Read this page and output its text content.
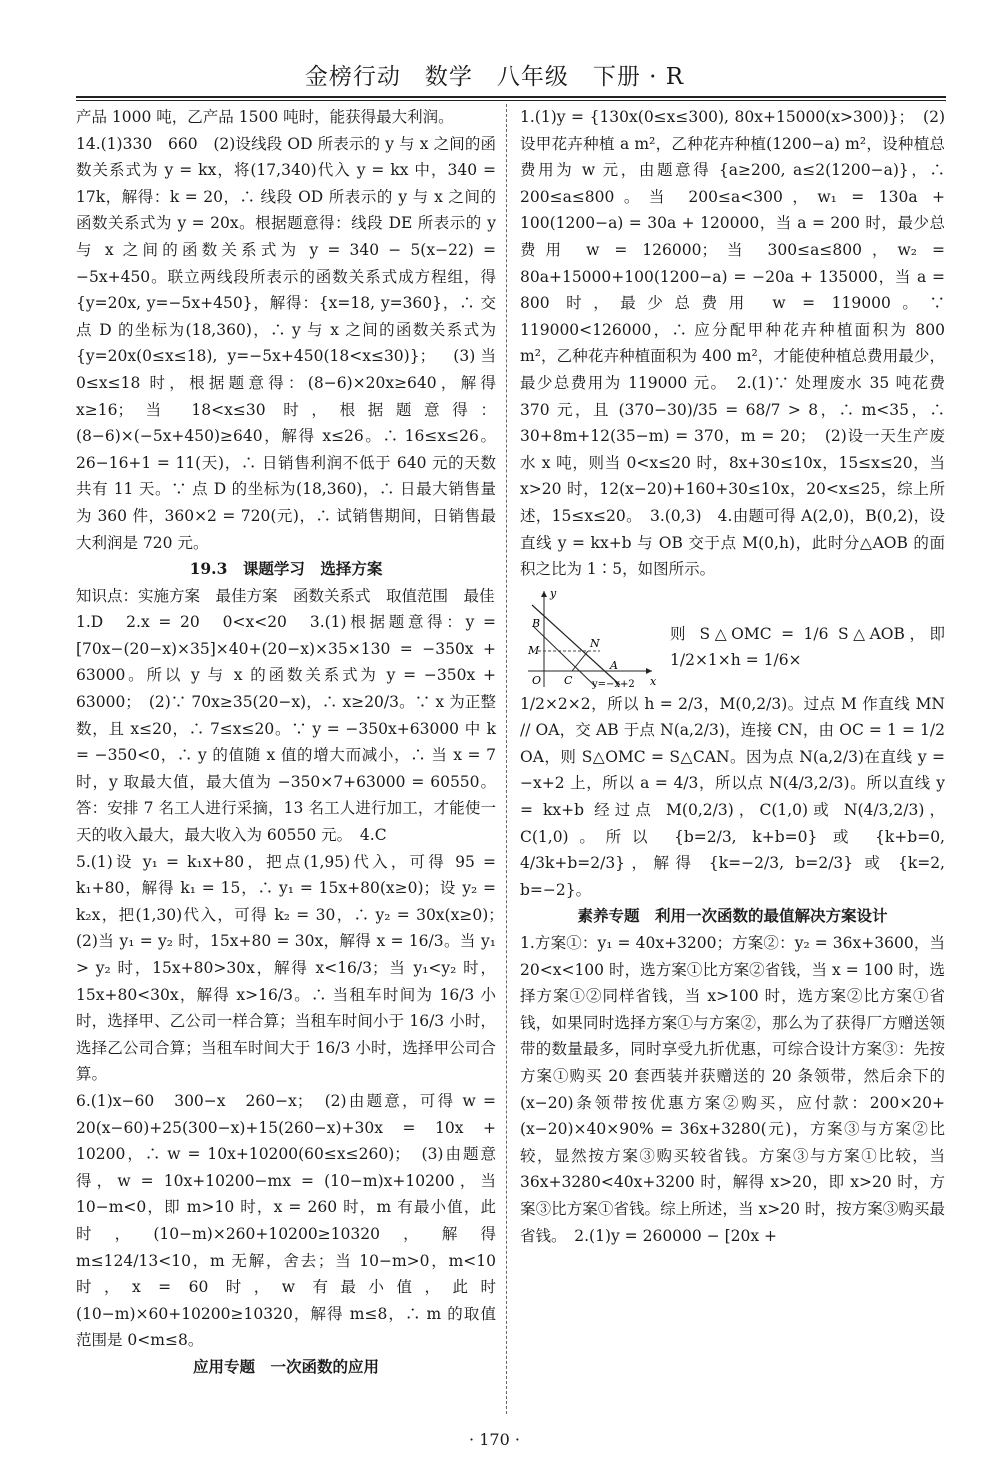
金榜行动　数学　八年级　下册 · R

产品 1000 吨，乙产品 1500 吨时，能获得最大利润。

14.(1)330　660　(2)设线段 OD 所表示的 y 与 x 之间的函数关系式为 y = kx，将(17,340)代入 y = kx 中，340 = 17k，解得：k = 20，∴ 线段 OD 所表示的 y 与 x 之间的函数关系式为 y = 20x。根据题意得：线段 DE 所表示的 y 与 x 之间的函数关系式为 y = 340 − 5(x−22) = −5x+450。联立两线段所表示的函数关系式成方程组，得 {y=20x, y=−5x+450}，解得：{x=18, y=360}，∴ 交点 D 的坐标为(18,360)，∴ y 与 x 之间的函数关系式为 {y=20x(0≤x≤18), y=−5x+450(18<x≤30)}；　(3)当 0≤x≤18 时，根据题意得：(8−6)×20x≥640，解得 x≥16；当 18<x≤30 时，根据题意得：(8−6)×(−5x+450)≥640，解得 x≤26。∴ 16≤x≤26。26−16+1 = 11(天)，∴ 日销售利润不低于 640 元的天数共有 11 天。∵ 点 D 的坐标为(18,360)，∴ 日最大销售量为 360 件，360×2 = 720(元)，∴ 试销售期间，日销售最大利润是 720 元。

19.3　课题学习　选择方案

知识点：实施方案　最佳方案　函数关系式　取值范围　最佳

1.D　2.x = 20　0<x<20　3.(1)根据题意得：y = [70x−(20−x)×35]×40+(20−x)×35×130 = −350x + 63000。所以 y 与 x 的函数关系式为 y = −350x + 63000；　(2)∵ 70x≥35(20−x)，∴ x≥20/3。∵ x 为正整数，且 x≤20，∴ 7≤x≤20。∵ y = −350x+63000 中 k = −350<0，∴ y 的值随 x 值的增大而减小，∴ 当 x = 7 时，y 取最大值，最大值为 −350×7+63000 = 60550。答：安排 7 名工人进行采摘，13 名工人进行加工，才能使一天的收入最大，最大收入为 60550 元。　4.C

5.(1)设 y₁ = k₁x+80，把点(1,95)代入，可得 95 = k₁+80，解得 k₁ = 15，∴ y₁ = 15x+80(x≥0)；设 y₂ = k₂x，把(1,30)代入，可得 k₂ = 30，∴ y₂ = 30x(x≥0)；　(2)当 y₁ = y₂ 时，15x+80 = 30x，解得 x = 16/3。当 y₁ > y₂ 时，15x+80>30x，解得 x<16/3；当 y₁<y₂ 时，15x+80<30x，解得 x>16/3。∴ 当租车时间为 16/3 小时，选择甲、乙公司一样合算；当租车时间小于 16/3 小时，选择乙公司合算；当租车时间大于 16/3 小时，选择甲公司合算。

6.(1)x−60　300−x　260−x；　(2)由题意，可得 w = 20(x−60)+25(300−x)+15(260−x)+30x = 10x + 10200，∴ w = 10x+10200(60≤x≤260)；　(3)由题意得，w = 10x+10200−mx = (10−m)x+10200，当 10−m<0，即 m>10 时，x = 260 时，m 有最小值，此时，(10−m)×260+10200≥10320，解得 m≤124/13<10，m 无解，舍去；当 10−m>0，m<10 时，x = 60 时，w 有最小值，此时(10−m)×60+10200≥10320，解得 m≤8，∴ m 的取值范围是 0<m≤8。

应用专题　一次函数的应用

1.(1)y = {130x(0≤x≤300), 80x+15000(x>300)}；　(2)设甲花卉种植 a m²，乙种花卉种植(1200−a) m²，设种植总费用为 w 元，由题意得 {a≥200, a≤2(1200−a)}，∴ 200≤a≤800。当 200≤a<300，w₁ = 130a + 100(1200−a) = 30a + 120000，当 a = 200 时，最少总费用 w = 126000；当 300≤a≤800，w₂ = 80a+15000+100(1200−a) = −20a + 135000，当 a = 800 时，最少总费用 w = 119000。∵ 119000<126000，∴ 应分配甲种花卉种植面积为 800 m²，乙种花卉种植面积为 400 m²，才能使种植总费用最少，最少总费用为 119000 元。　2.(1)∵ 处理废水 35 吨花费 370 元，且 (370−30)/35 = 68/7 > 8，∴ m<35，∴ 30+8m+12(35−m) = 370，m = 20；　(2)设一天生产废水 x 吨，则当 0<x≤20 时，8x+30≤10x，15≤x≤20，当 x>20 时，12(x−20)+160+30≤10x，20<x≤25，综上所述，15≤x≤20。　3.(0,3)　4.由题可得 A(2,0)，B(0,2)，设直线 y = kx+b 与 OB 交于点 M(0,h)，此时分△AOB 的面积之比为 1∶5，如图所示。

y
x
O
B
M
N
C
A
y=−x+2
则 S△OMC = 1/6 S△AOB，即 1/2×1×h = 1/6×

1/2×2×2，所以 h = 2/3，M(0,2/3)。过点 M 作直线 MN // OA，交 AB 于点 N(a,2/3)，连接 CN，由 OC = 1 = 1/2 OA，则 S△OMC = S△CAN。因为点 N(a,2/3)在直线 y = −x+2 上，所以 a = 4/3，所以点 N(4/3,2/3)。所以直线 y = kx+b 经过点 M(0,2/3)，C(1,0)或 N(4/3,2/3)，C(1,0)。所以 {b=2/3, k+b=0} 或 {k+b=0, 4/3k+b=2/3}，解得 {k=−2/3, b=2/3} 或 {k=2, b=−2}。

素养专题　利用一次函数的最值解决方案设计

1.方案①：y₁ = 40x+3200；方案②：y₂ = 36x+3600，当 20<x<100 时，选方案①比方案②省钱，当 x = 100 时，选择方案①②同样省钱，当 x>100 时，选方案②比方案①省钱，如果同时选择方案①与方案②，那么为了获得厂方赠送领带的数量最多，同时享受九折优惠，可综合设计方案③：先按方案①购买 20 套西装并获赠送的 20 条领带，然后余下的(x−20)条领带按优惠方案②购买，应付款：200×20+(x−20)×40×90% = 36x+3280(元)，方案③与方案②比较，显然按方案③购买较省钱。方案③与方案①比较，当 36x+3280<40x+3200 时，解得 x>20，即 x>20 时，方案③比方案①省钱。综上所述，当 x>20 时，按方案③购买最省钱。　2.(1)y = 260000 − [20x +

· 170 ·
